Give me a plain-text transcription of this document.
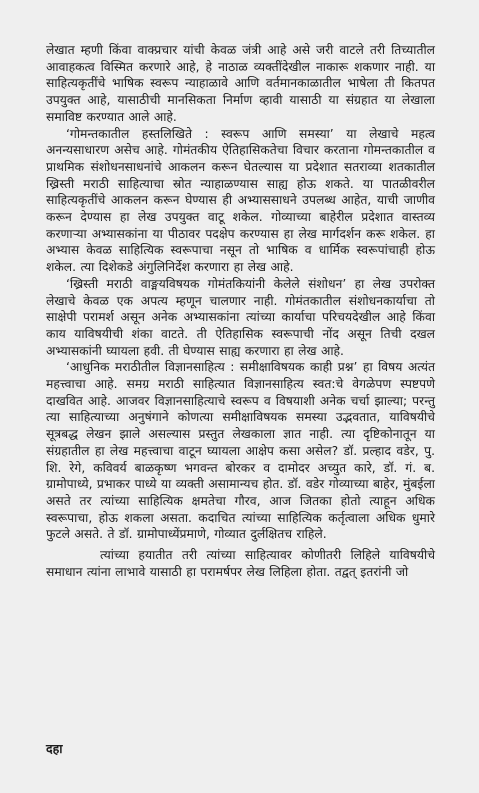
लेखात म्हणी किंवा वाक्प्रचार यांची केवळ जंत्री आहे असे जरी वाटले तरी तिच्यातील आवाहकत्व विस्मित करणारे आहे, हे नाठाळ व्यक्तींदेखील नाकारू शकणार नाही. या साहित्यकृतींचे भाषिक स्वरूप न्याहाळावे आणि वर्तमानकाळातील भाषेला ती कितपत उपयुक्त आहे, यासाठीची मानसिकता निर्माण व्हावी यासाठी या संग्रहात या लेखाला समाविष्ट करण्यात आले आहे.

‘गोमन्तकातील हस्तलिखिते : स्वरूप आणि समस्या’ या लेखाचे महत्व अनन्यसाधारण असेच आहे. गोमंतकीय ऐतिहासिकतेचा विचार करताना गोमन्तकातील व प्राथमिक संशोधनसाधनांचे आकलन करून घेतल्यास या प्रदेशात सतराव्या शतकातील ख्रिस्ती मराठी साहित्याचा स्रोत न्याहाळण्यास साह्य होऊ शकते. या पातळीवरील साहित्यकृतींचे आकलन करून घेण्यास ही अभ्याससाधने उपलब्ध आहेत, याची जाणीव करून देण्यास हा लेख उपयुक्त वाटू शकेल. गोव्याच्या बाहेरील प्रदेशात वास्तव्य करणाऱ्या अभ्यासकांना या पीठावर पदक्षेप करण्यास हा लेख मार्गदर्शन करू शकेल. हा अभ्यास केवळ साहित्यिक स्वरूपाचा नसून तो भाषिक व धार्मिक स्वरूपांचाही होऊ शकेल. त्या दिशेकडे अंगुलिनिर्देश करणारा हा लेख आहे.

‘ख्रिस्ती मराठी वाङ्मयविषयक गोमंतकियांनी केलेले संशोधन’ हा लेख उपरोक्त लेखाचे केवळ एक अपत्य म्हणून चालणार नाही. गोमंतकातील संशोधनकार्याचा तो साक्षेपी परामर्श असून अनेक अभ्यासकांना त्यांच्या कार्याचा परिचयदेखील आहे किंवा काय याविषयीची शंका वाटते. ती ऐतिहासिक स्वरूपाची नोंद असून तिची दखल अभ्यासकांनी घ्यायला हवी. ती घेण्यास साह्य करणारा हा लेख आहे.

‘आधुनिक मराठीतील विज्ञानसाहित्य : समीक्षाविषयक काही प्रश्न’ हा विषय अत्यंत महत्त्वाचा आहे. समग्र मराठी साहित्यात विज्ञानसाहित्य स्वत:चे वेगळेपण स्पष्टपणे दाखवित आहे. आजवर विज्ञानसाहित्याचे स्वरूप व विषयाशी अनेक चर्चा झाल्या; परन्तु त्या साहित्याच्या अनुषंगाने कोणत्या समीक्षाविषयक समस्या उद्भवतात, याविषयीचे सूत्रबद्ध लेखन झाले असल्यास प्रस्तुत लेखकाला ज्ञात नाही. त्या दृष्टिकोनातून या संग्रहातील हा लेख महत्त्वाचा वाटून घ्यायला आक्षेप कसा असेल? डॉ. प्रल्हाद वडेर, पु. शि. रेगे, कविवर्य बाळकृष्ण भगवन्त बोरकर व दामोदर अच्युत कारे, डॉ. गं. ब. ग्रामोपाध्ये, प्रभाकर पाध्ये या व्यक्ती असामान्यच होत. डॉ. वडेर गोव्याच्या बाहेर, मुंबईला असते तर त्यांच्या साहित्यिक क्षमतेचा गौरव, आज जितका होतो त्याहून अधिक स्वरूपाचा, होऊ शकला असता. कदाचित त्यांच्या साहित्यिक कर्तृत्वाला अधिक धुमारे फुटले असते. ते डॉ. ग्रामोपाध्येंप्रमाणे, गोव्यात दुर्लक्षितच राहिले.

त्यांच्या हयातीत तरी त्यांच्या साहित्यावर कोणीतरी लिहिले याविषयीचे समाधान त्यांना लाभावे यासाठी हा परामर्षपर लेख लिहिला होता. तद्वत् इतरांनी जो

दहा
